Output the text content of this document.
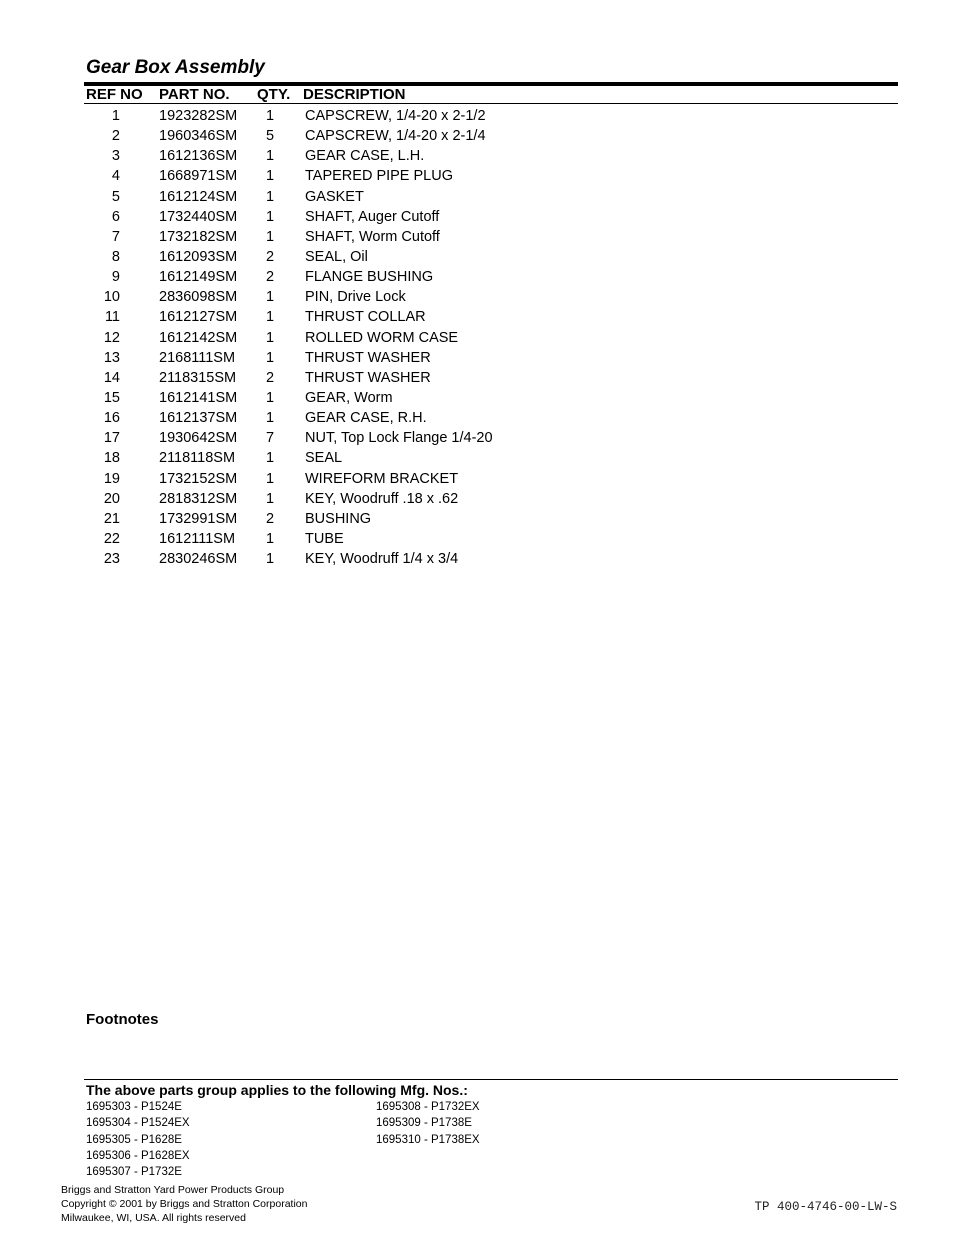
Gear Box Assembly
REF NO PART NO. QTY. DESCRIPTION
1	1923282SM 1 CAPSCREW, 1/4-20 x 2-1/2
2	1960346SM 5 CAPSCREW, 1/4-20 x 2-1/4
3	1612136SM 1 GEAR CASE, L.H.
4	1668971SM 1 TAPERED PIPE PLUG
5	1612124SM 1 GASKET
6	1732440SM 1 SHAFT, Auger Cutoff
7	1732182SM 1 SHAFT, Worm Cutoff
8	1612093SM 2 SEAL, Oil
9	1612149SM 2 FLANGE BUSHING
10	2836098SM 1 PIN, Drive Lock
11	1612127SM 1 THRUST COLLAR
12	1612142SM 1 ROLLED WORM CASE
13	2168111SM 1 THRUST WASHER
14	2118315SM 2 THRUST WASHER
15	1612141SM 1 GEAR, Worm
16	1612137SM 1 GEAR CASE, R.H.
17	1930642SM 7 NUT, Top Lock Flange 1/4-20
18	2118118SM 1 SEAL
19	1732152SM 1 WIREFORM BRACKET
20	2818312SM 1 KEY, Woodruff .18 x .62
21	1732991SM 2 BUSHING
22	1612111SM 1 TUBE
23	2830246SM 1 KEY, Woodruff 1/4 x 3/4
Footnotes
The above parts group applies to the following Mfg. Nos.:
1695303 - P1524E
1695304 - P1524EX
1695305 - P1628E
1695306 - P1628EX
1695307 - P1732E
1695308 - P1732EX
1695309 - P1738E
1695310 - P1738EX
Briggs and Stratton Yard Power Products Group
Copyright © 2001 by Briggs and Stratton Corporation
Milwaukee, WI, USA. All rights reserved
TP 400-4746-00-LW-S
